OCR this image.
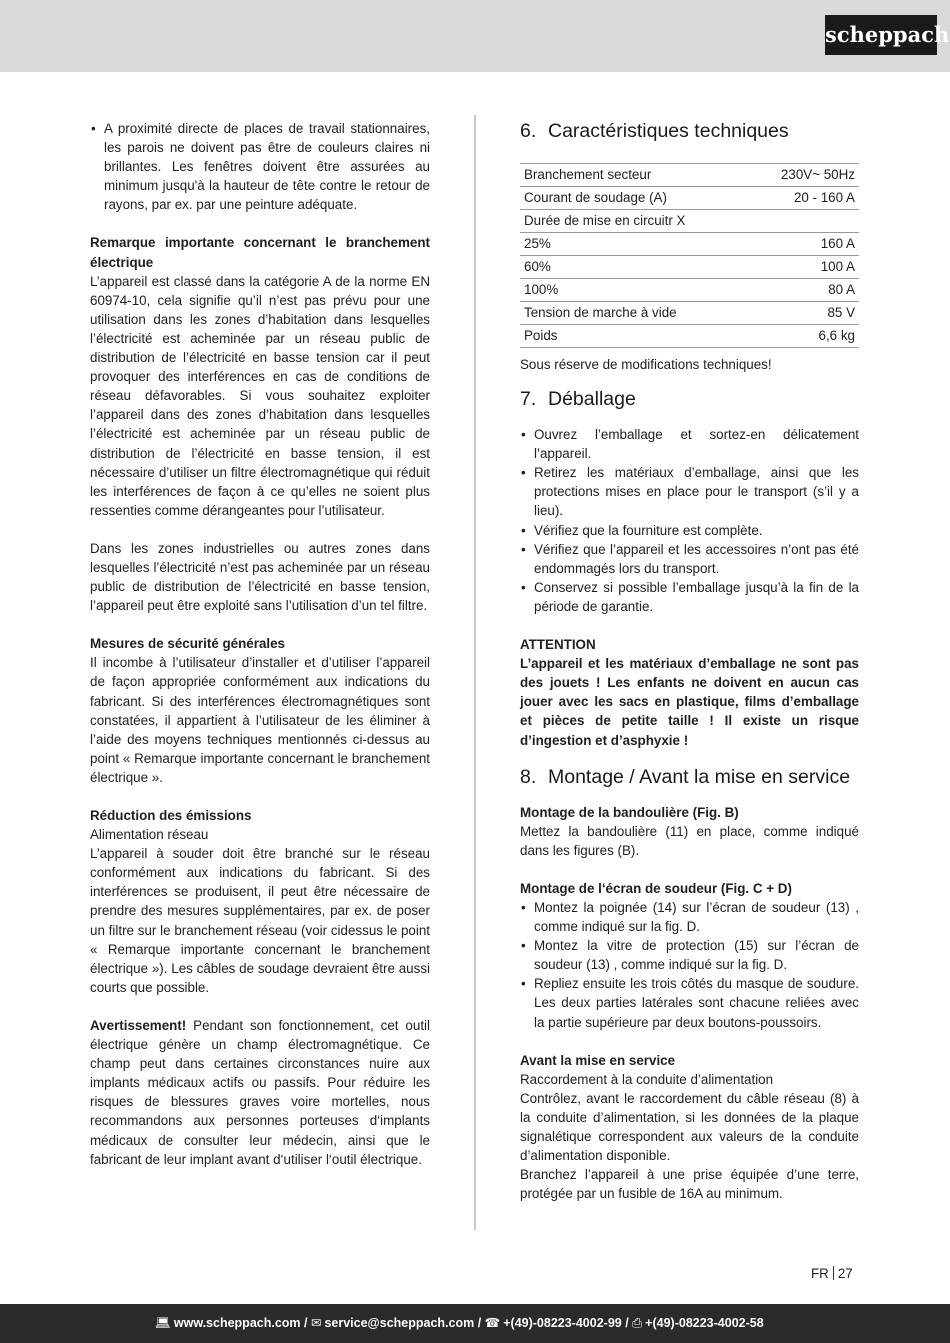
scheppach
• A proximité directe de places de travail stationnaires, les parois ne doivent pas être de couleurs claires ni brillantes. Les fenêtres doivent être assurées au minimum jusqu'à la hauteur de tête contre le retour de rayons, par ex. par une peinture adéquate.

Remarque importante concernant le branchement électrique

L’appareil est classé dans la catégorie A de la norme EN 60974-10, cela signifie qu’il n’est pas prévu pour une utilisation dans les zones d’habitation dans lesquelles l’électricité est acheminée par un réseau public de distribution de l’électricité en basse tension car il peut provoquer des interférences en cas de conditions de réseau défavorables. Si vous souhaitez exploiter l’appareil dans des zones d’habitation dans lesquelles l’électricité est acheminée par un réseau public de distribution de l’électricité en basse tension, il est nécessaire d’utiliser un filtre électromagnétique qui réduit les interférences de façon à ce qu’elles ne soient plus ressenties comme dérangeantes pour l’utilisateur.

Dans les zones industrielles ou autres zones dans lesquelles l’électricité n’est pas acheminée par un réseau public de distribution de l’électricité en basse tension, l’appareil peut être exploité sans l’utilisation d’un tel filtre.

Mesures de sécurité générales

Il incombe à l’utilisateur d’installer et d’utiliser l’appareil de façon appropriée conformément aux indications du fabricant. Si des interférences électromagnétiques sont constatées, il appartient à l’utilisateur de les éliminer à l’aide des moyens techniques mentionnés ci-dessus au point « Remarque importante concernant le branchement électrique ».

Réduction des émissions

Alimentation réseau

L’appareil à souder doit être branché sur le réseau conformément aux indications du fabricant. Si des interférences se produisent, il peut être nécessaire de prendre des mesures supplémentaires, par ex. de poser un filtre sur le branchement réseau (voir cidessus le point « Remarque importante concernant le branchement électrique »). Les câbles de soudage devraient être aussi courts que possible.

Avertissement! Pendant son fonctionnement, cet outil électrique génère un champ électromagnétique. Ce champ peut dans certaines circonstances nuire aux implants médicaux actifs ou passifs. Pour réduire les risques de blessures graves voire mortelles, nous recommandons aux personnes porteuses d‘implants médicaux de consulter leur médecin, ainsi que le fabricant de leur implant avant d‘utiliser l‘outil électrique.

6. Caractéristiques techniques
Branchement secteur	230V~ 50Hz
Courant de soudage (A)	20 - 160 A
Durée de mise en circuitr X	
25%	160 A
60%	100 A
100%	80 A
Tension de marche à vide	85 V
Poids	6,6 kg

Sous réserve de modifications techniques!

7. Déballage
• Ouvrez l’emballage et sortez-en délicatement l’appareil.
• Retirez les matériaux d’emballage, ainsi que les protections mises en place pour le transport (s’il y a lieu).
• Vérifiez que la fourniture est complète.
• Vérifiez que l’appareil et les accessoires n’ont pas été endommagés lors du transport.
• Conservez si possible l’emballage jusqu’à la fin de la période de garantie.

ATTENTION

L’appareil et les matériaux d’emballage ne sont pas des jouets ! Les enfants ne doivent en aucun cas jouer avec les sacs en plastique, films d’emballage et pièces de petite taille ! Il existe un risque d’ingestion et d’asphyxie !

8. Montage / Avant la mise en service

Montage de la bandoulière (Fig. B)

Mettez la bandoulière (11) en place, comme indiqué dans les figures (B).

Montage de l‘écran de soudeur (Fig. C + D)

• Montez la poignée (14) sur l’écran de soudeur (13) , comme indiqué sur la fig. D.
• Montez la vitre de protection (15) sur l’écran de soudeur (13) , comme indiqué sur la fig. D.
• Repliez ensuite les trois côtés du masque de soudure. Les deux parties latérales sont chacune reliées avec la partie supérieure par deux boutons-poussoirs.

Avant la mise en service

Raccordement à la conduite d’alimentation

Contrôlez, avant le raccordement du câble réseau (8) à la conduite d’alimentation, si les données de la plaque signalétique correspondent aux valeurs de la conduite d’alimentation disponible.

Branchez l’appareil à une prise équipée d’une terre, protégée par un fusible de 16A au minimum.

FR 27
💻︎ www.scheppach.com / ✉︎ service@scheppach.com / ☎︎ +(49)-08223-4002-99 / ⎙ +(49)-08223-4002-58
